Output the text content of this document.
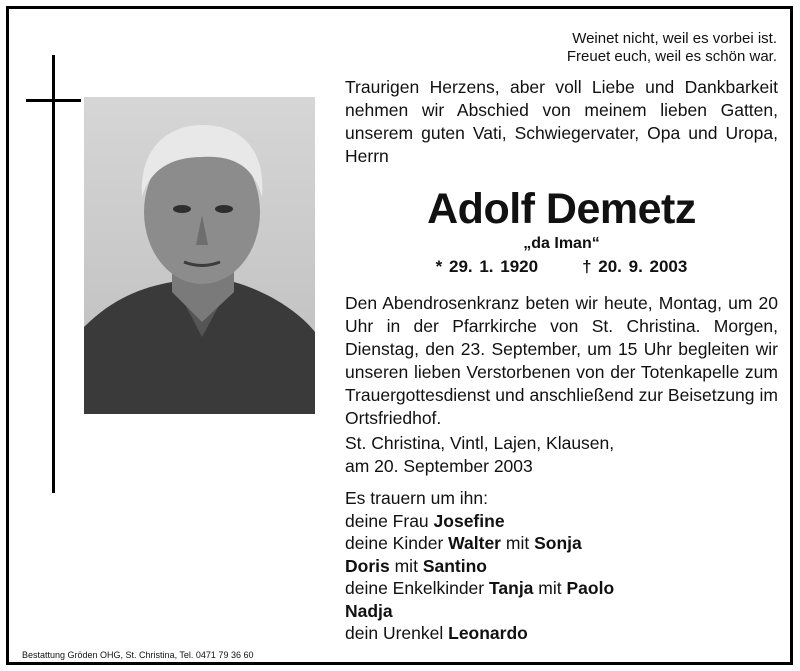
Weinet nicht, weil es vorbei ist.
Freuet euch, weil es schön war.
Traurigen Herzens, aber voll Liebe und Dankbarkeit nehmen wir Abschied von meinem lieben Gatten, unserem guten Vati, Schwiegervater, Opa und Uropa, Herrn
Adolf Demetz
„da Iman“
* 29. 1. 1920	† 20. 9. 2003
Den Abendrosenkranz beten wir heute, Montag, um 20 Uhr in der Pfarrkirche von St. Christina. Morgen, Dienstag, den 23. September, um 15 Uhr begleiten wir unseren lieben Verstorbenen von der Totenkapelle zum Trauergottesdienst und anschließend zur Beisetzung im Ortsfriedhof.
St. Christina, Vintl, Lajen, Klausen,
am 20. September 2003
Es trauern um ihn:
deine Frau Josefine
deine Kinder Walter mit Sonja
Doris mit Santino
deine Enkelkinder Tanja mit Paolo
Nadja
dein Urenkel Leonardo
Bestattung Gröden OHG, St. Christina, Tel. 0471 79 36 60
